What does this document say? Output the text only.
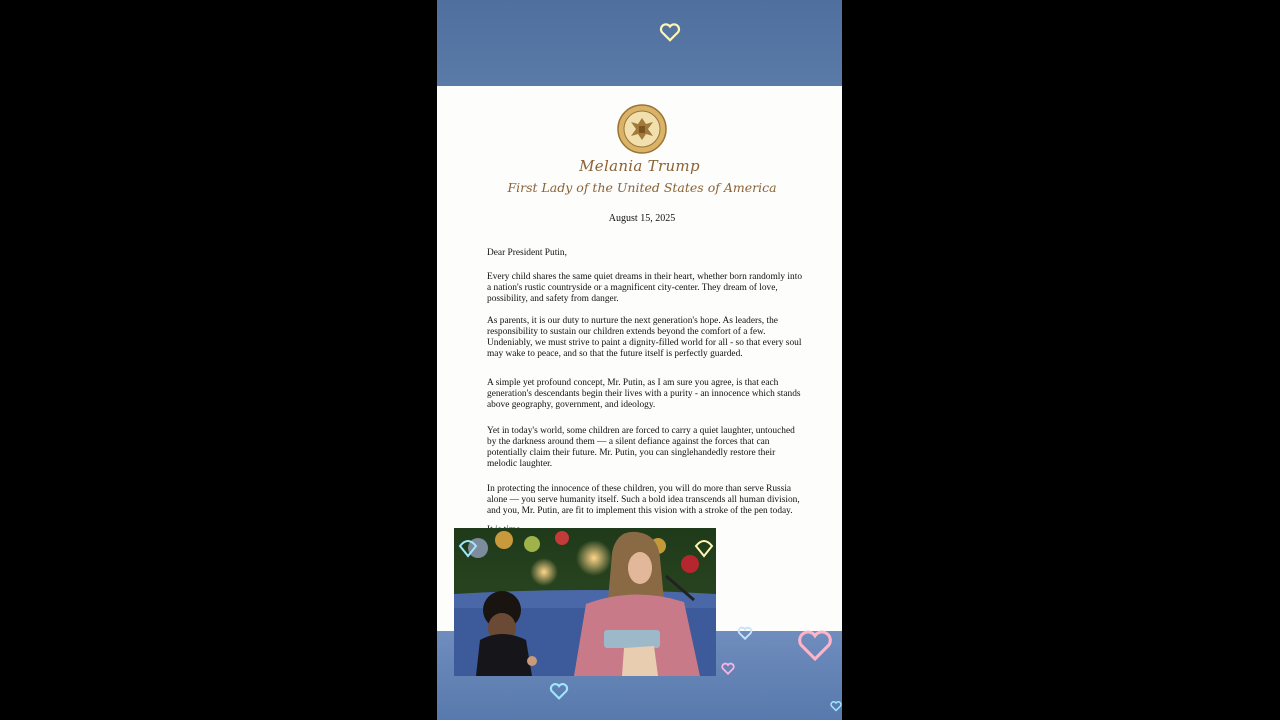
Melania Trump
First Lady of the United States of America
August 15, 2025

Dear President Putin,

Every child shares the same quiet dreams in their heart, whether born randomly into a nation's rustic countryside or a magnificent city-center. They dream of love, possibility, and safety from danger.

As parents, it is our duty to nurture the next generation's hope. As leaders, the responsibility to sustain our children extends beyond the comfort of a few. Undeniably, we must strive to paint a dignity-filled world for all - so that every soul may wake to peace, and so that the future itself is perfectly guarded.

A simple yet profound concept, Mr. Putin, as I am sure you agree, is that each generation's descendants begin their lives with a purity - an innocence which stands above geography, government, and ideology.

Yet in today's world, some children are forced to carry a quiet laughter, untouched by the darkness around them — a silent defiance against the forces that can potentially claim their future. Mr. Putin, you can singlehandedly restore their melodic laughter.

In protecting the innocence of these children, you will do more than serve Russia alone — you serve humanity itself. Such a bold idea transcends all human division, and you, Mr. Putin, are fit to implement this vision with a stroke of the pen today.
